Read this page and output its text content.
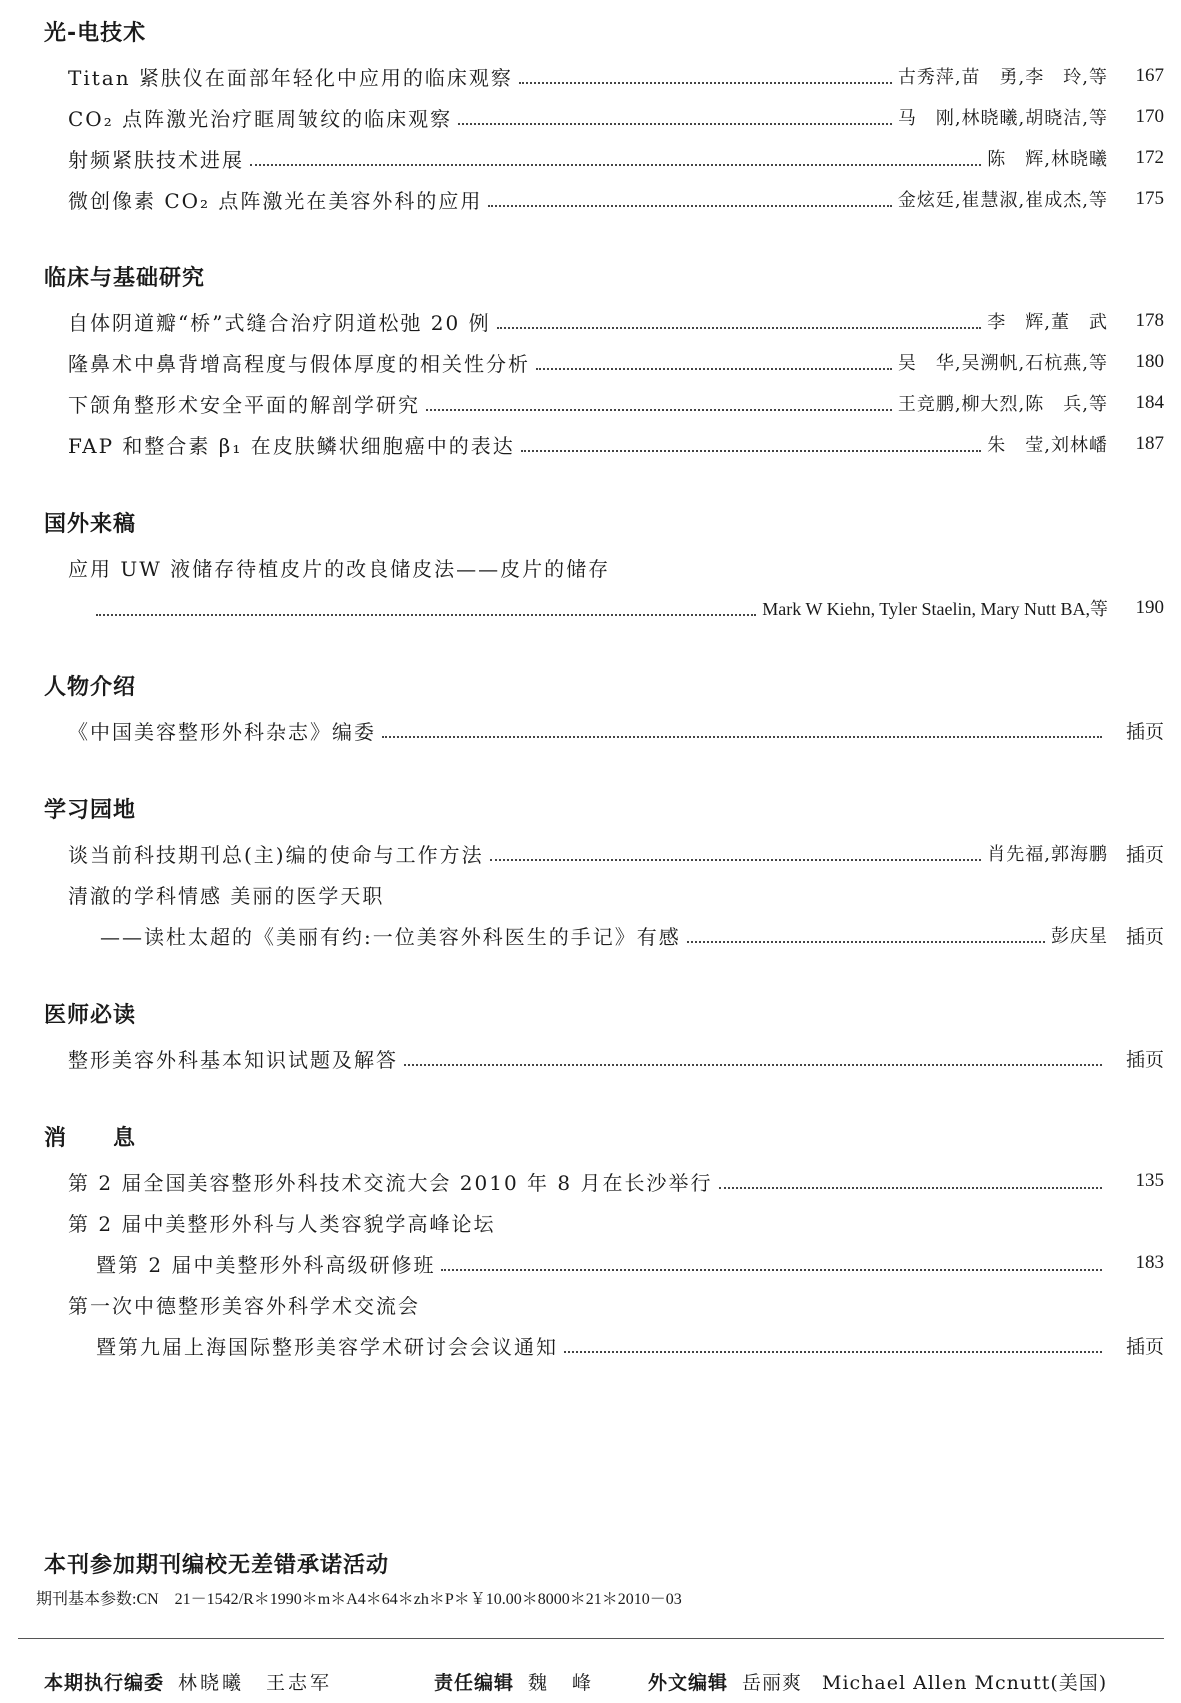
光-电技术
Titan 紧肤仪在面部年轻化中应用的临床观察	古秀萍,苗　勇,李　玲,等	167
CO₂ 点阵激光治疗眶周皱纹的临床观察	马　刚,林晓曦,胡晓洁,等	170
射频紧肤技术进展	陈　辉,林晓曦	172
微创像素 CO₂ 点阵激光在美容外科的应用	金炫廷,崔慧淑,崔成杰,等	175
临床与基础研究
自体阴道瓣“桥”式缝合治疗阴道松弛 20 例	李　辉,董　武	178
隆鼻术中鼻背增高程度与假体厚度的相关性分析	吴　华,吴溯帆,石杭燕,等	180
下颌角整形术安全平面的解剖学研究	王竞鹏,柳大烈,陈　兵,等	184
FAP 和整合素 β₁ 在皮肤鳞状细胞癌中的表达	朱　莹,刘林嶓	187
国外来稿
应用 UW 液储存待植皮片的改良储皮法——皮片的储存
Mark W Kiehn, Tyler Staelin, Mary Nutt BA,等	190
人物介绍
《中国美容整形外科杂志》编委	插页
学习园地
谈当前科技期刊总(主)编的使命与工作方法	肖先福,郭海鹏 插页
清澈的学科情感 美丽的医学天职
——读杜太超的《美丽有约:一位美容外科医生的手记》有感	彭庆星 插页
医师必读
整形美容外科基本知识试题及解答	插页
消　　息
第 2 届全国美容整形外科技术交流大会 2010 年 8 月在长沙举行	135
第 2 届中美整形外科与人类容貌学高峰论坛
暨第 2 届中美整形外科高级研修班	183
第一次中德整形美容外科学术交流会
暨第九届上海国际整形美容学术研讨会会议通知	插页
本刊参加期刊编校无差错承诺活动
期刊基本参数:CN　21－1542/R＊1990＊m＊A4＊64＊zh＊P＊￥10.00＊8000＊21＊2010－03
本期执行编委 林晓曦　王志军	责任编辑 魏　峰	外文编辑 岳丽爽　Michael Allen Mcnutt(美国)
